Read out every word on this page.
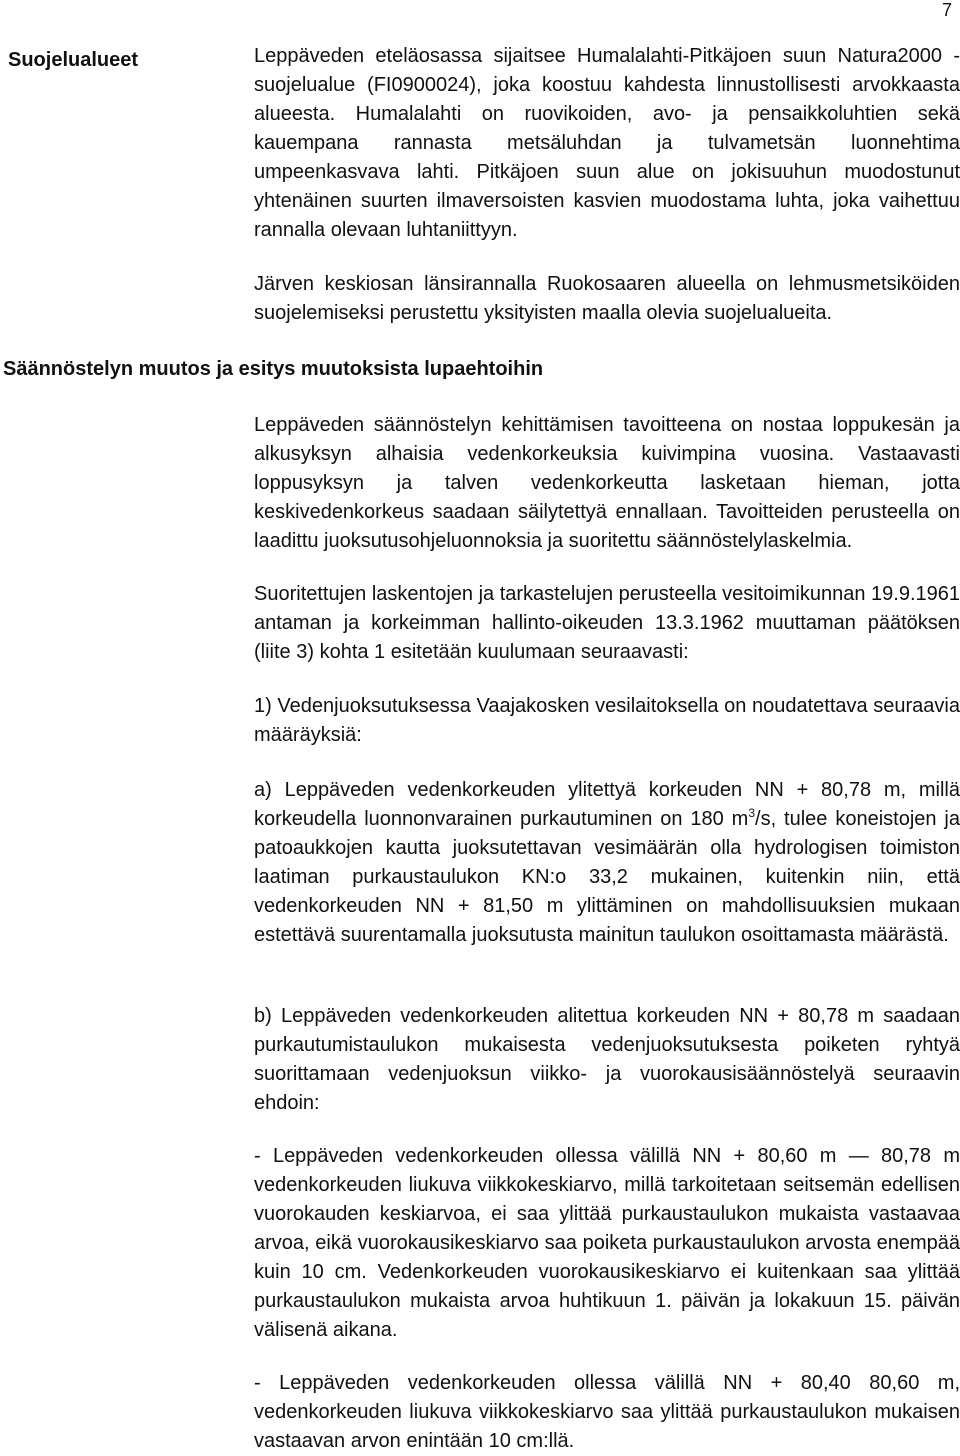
7
Suojelualueet	Leppäveden eteläosassa sijaitsee Humalalahti-Pitkäjoen suun Natura2000 -suojelualue (FI0900024), joka koostuu kahdesta linnustollisesti arvokkaasta alueesta. Humalalahti on ruovikoiden, avo- ja pensaikkoluhtien sekä kauempana rannasta metsäluhdan ja tulvametsän luonnehtima umpeenkasvava lahti. Pitkäjoen suun alue on jokisuuhun muodostunut yhtenäinen suurten ilmaversoisten kasvien muodostama luhta, joka vaihettuu rannalla olevaan luhtaniittyyn.

Järven keskiosan länsirannalla Ruokosaaren alueella on lehmusmetsiköiden suojelemiseksi perustettu yksityisten maalla olevia suojelualueita.

Säännöstelyn muutos ja esitys muutoksista lupaehtoihin

Leppäveden säännöstelyn kehittämisen tavoitteena on nostaa loppukesän ja alkusyksyn alhaisia vedenkorkeuksia kuivimpina vuosina. Vastaavasti loppusyksyn ja talven vedenkorkeutta lasketaan hieman, jotta keskivedenkorkeus saadaan säilytettyä ennallaan. Tavoitteiden perusteella on laadittu juoksutusohjeluonnoksia ja suoritettu säännöstelylaskelmia.

Suoritettujen laskentojen ja tarkastelujen perusteella vesitoimikunnan 19.9.1961 antaman ja korkeimman hallinto-oikeuden 13.3.1962 muuttaman päätöksen (liite 3) kohta 1 esitetään kuulumaan seuraavasti:

1) Vedenjuoksutuksessa Vaajakosken vesilaitoksella on noudatettava seuraavia määräyksiä:

a) Leppäveden vedenkorkeuden ylitettyä korkeuden NN + 80,78 m, millä korkeudella luonnonvarainen purkautuminen on 180 $m^3/s$, tulee koneistojen ja patoaukkojen kautta juoksutettavan vesimäärän olla hydrologisen toimiston laatiman purkaustaulukon KN:o 33,2 mukainen, kuitenkin niin, että vedenkorkeuden NN + 81,50 m ylittäminen on mahdollisuuksien mukaan estettävä suurentamalla juoksutusta mainitun taulukon osoittamasta määrästä.

b) Leppäveden vedenkorkeuden alitettua korkeuden NN + 80,78 m saadaan purkautumistaulukon mukaisesta vedenjuoksutuksesta poiketen ryhtyä suorittamaan vedenjuoksun viikko- ja vuorokausisäännöstelyä seuraavin ehdoin:

- Leppäveden vedenkorkeuden ollessa välillä NN + 80,60 m — 80,78 m vedenkorkeuden liukuva viikkokeskiarvo, millä tarkoitetaan seitsemän edellisen vuorokauden keskiarvoa, ei saa ylittää purkaustaulukon mukaista vastaavaa arvoa, eikä vuorokausikeskiarvo saa poiketa purkaustaulukon arvosta enempää kuin 10 cm. Vedenkorkeuden vuorokausikeskiarvo ei kuitenkaan saa ylittää purkaustaulukon mukaista arvoa huhtikuun 1. päivän ja lokakuun 15. päivän välisenä aikana.

- Leppäveden vedenkorkeuden ollessa välillä NN + 80,40 80,60 m, vedenkorkeuden liukuva viikkokeskiarvo saa ylittää purkaustaulukon mukaisen vastaavan arvon enintään 10 cm:llä.
